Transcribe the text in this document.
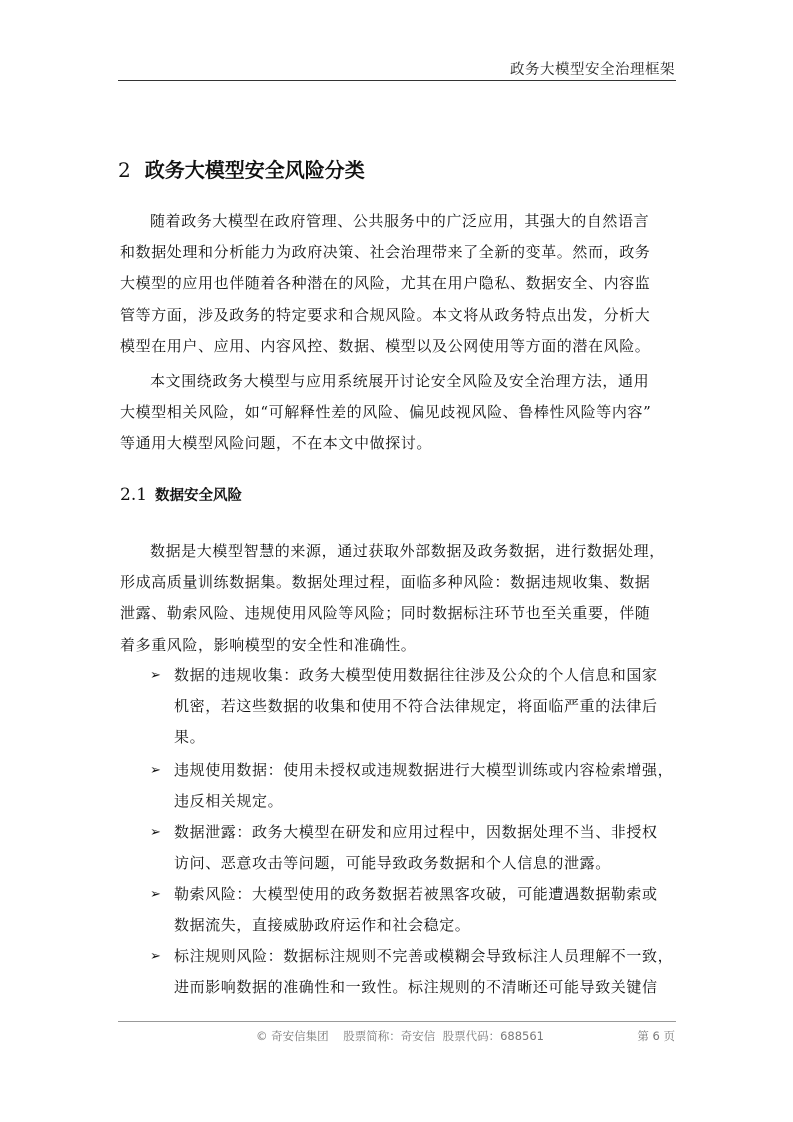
政务大模型安全治理框架
2 政务大模型安全风险分类
随着政务大模型在政府管理、公共服务中的广泛应用，其强大的自然语言
和数据处理和分析能力为政府决策、社会治理带来了全新的变革。然而，政务
大模型的应用也伴随着各种潜在的风险，尤其在用户隐私、数据安全、内容监
管等方面，涉及政务的特定要求和合规风险。本文将从政务特点出发，分析大
模型在用户、应用、内容风控、数据、模型以及公网使用等方面的潜在风险。
本文围绕政务大模型与应用系统展开讨论安全风险及安全治理方法，通用
大模型相关风险，如“可解释性差的风险、偏见歧视风险、鲁棒性风险等内容”
等通用大模型风险问题，不在本文中做探讨。
2.1 数据安全风险
数据是大模型智慧的来源，通过获取外部数据及政务数据，进行数据处理，
形成高质量训练数据集。数据处理过程，面临多种风险：数据违规收集、数据
泄露、勒索风险、违规使用风险等风险；同时数据标注环节也至关重要，伴随
着多重风险，影响模型的安全性和准确性。
➢ 数据的违规收集：政务大模型使用数据往往涉及公众的个人信息和国家
机密，若这些数据的收集和使用不符合法律规定，将面临严重的法律后
果。
➢ 违规使用数据：使用未授权或违规数据进行大模型训练或内容检索增强，
违反相关规定。
➢ 数据泄露：政务大模型在研发和应用过程中，因数据处理不当、非授权
访问、恶意攻击等问题，可能导致政务数据和个人信息的泄露。
➢ 勒索风险：大模型使用的政务数据若被黑客攻破，可能遭遇数据勒索或
数据流失，直接威胁政府运作和社会稳定。
➢ 标注规则风险：数据标注规则不完善或模糊会导致标注人员理解不一致，
进而影响数据的准确性和一致性。标注规则的不清晰还可能导致关键信
© 奇安信集团 股票简称：奇安信 股票代码：688561	第 6 页
